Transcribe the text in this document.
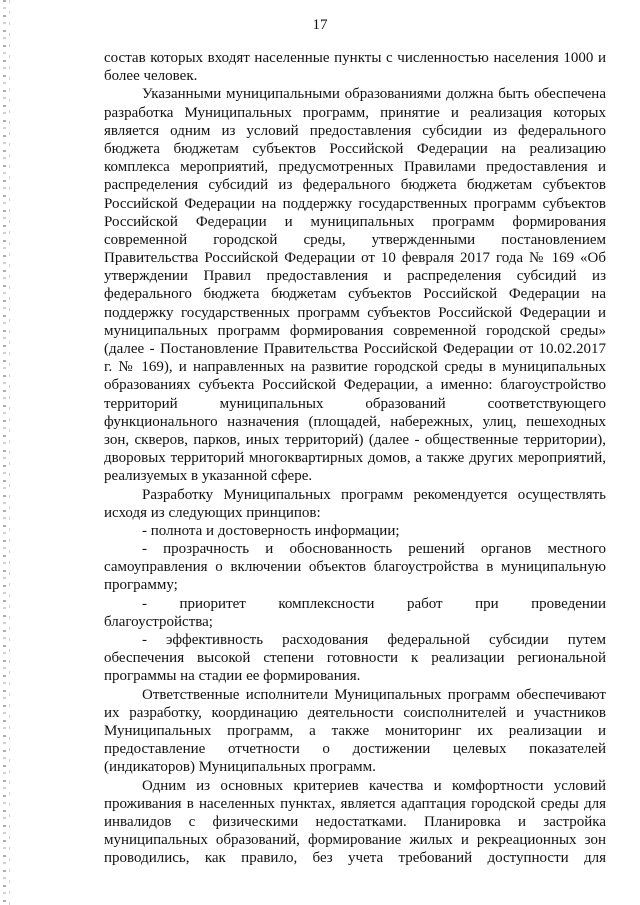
17
состав которых входят населенные пункты с численностью населения 1000 и
более человек.
Указанными муниципальными образованиями должна быть обеспечена
разработка Муниципальных программ, принятие и реализация которых
является одним из условий предоставления субсидии из федерального
бюджета бюджетам субъектов Российской Федерации на реализацию
комплекса мероприятий, предусмотренных Правилами предоставления и
распределения субсидий из федерального бюджета бюджетам субъектов
Российской Федерации на поддержку государственных программ субъектов
Российской Федерации и муниципальных программ формирования
современной городской среды, утвержденными постановлением
Правительства Российской Федерации от 10 февраля 2017 года № 169 «Об
утверждении Правил предоставления и распределения субсидий из
федерального бюджета бюджетам субъектов Российской Федерации на
поддержку государственных программ субъектов Российской Федерации и
муниципальных программ формирования современной городской среды»
(далее - Постановление Правительства Российской Федерации от 10.02.2017
г. № 169), и направленных на развитие городской среды в муниципальных
образованиях субъекта Российской Федерации, а именно: благоустройство
территорий муниципальных образований соответствующего
функционального назначения (площадей, набережных, улиц, пешеходных
зон, скверов, парков, иных территорий) (далее - общественные территории),
дворовых территорий многоквартирных домов, а также других мероприятий,
реализуемых в указанной сфере.
Разработку Муниципальных программ рекомендуется осуществлять
исходя из следующих принципов:
- полнота и достоверность информации;
- прозрачность и обоснованность решений органов местного
самоуправления о включении объектов благоустройства в муниципальную
программу;
- приоритет комплексности работ при проведении
благоустройства;
- эффективность расходования федеральной субсидии путем
обеспечения высокой степени готовности к реализации региональной
программы на стадии ее формирования.
Ответственные исполнители Муниципальных программ обеспечивают
их разработку, координацию деятельности соисполнителей и участников
Муниципальных программ, а также мониторинг их реализации и
предоставление отчетности о достижении целевых показателей
(индикаторов) Муниципальных программ.
Одним из основных критериев качества и комфортности условий
проживания в населенных пунктах, является адаптация городской среды для
инвалидов с физическими недостатками. Планировка и застройка
муниципальных образований, формирование жилых и рекреационных зон
проводились, как правило, без учета требований доступности для
